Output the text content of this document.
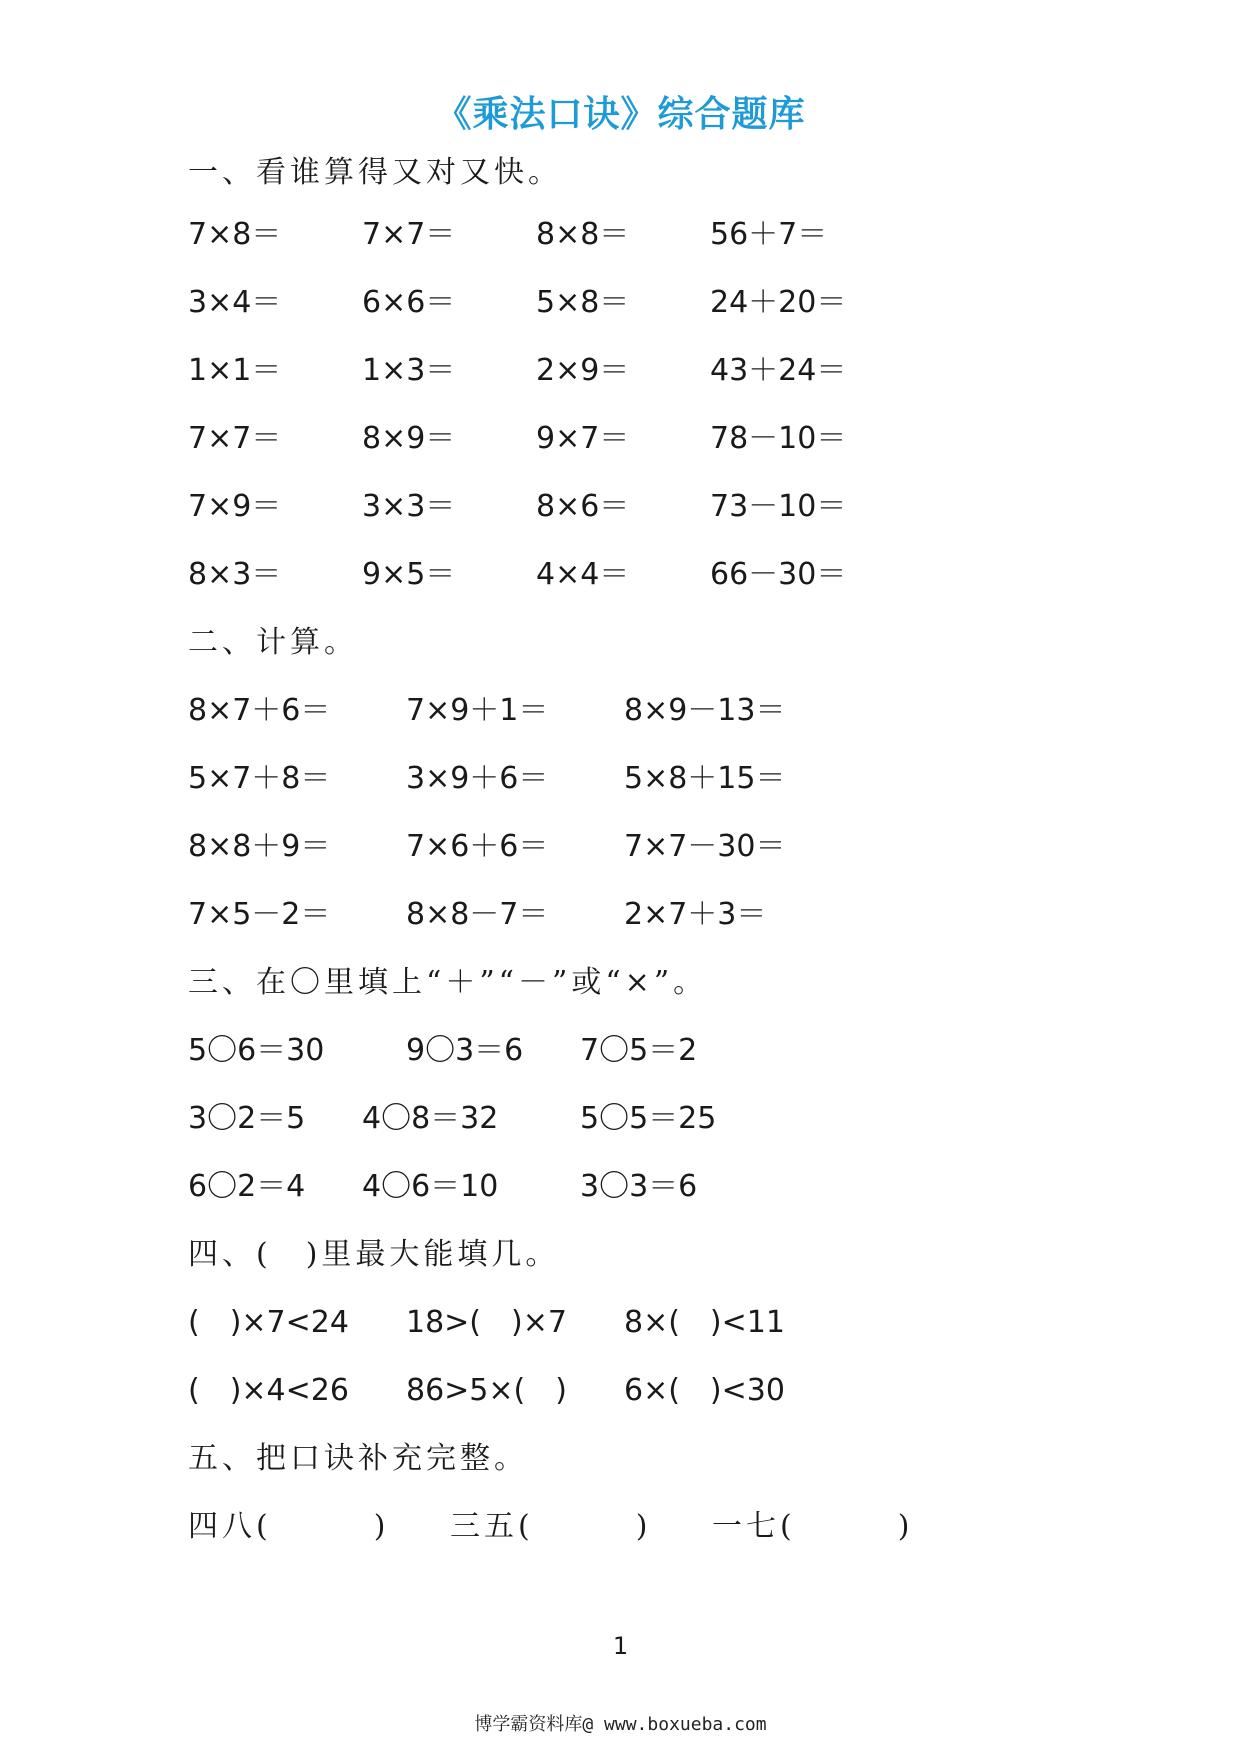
《乘法口诀》综合题库
一、看谁算得又对又快。
7×8＝	7×7＝	8×8＝	56＋7＝
3×4＝	6×6＝	5×8＝	24＋20＝
1×1＝	1×3＝	2×9＝	43＋24＝
7×7＝	8×9＝	9×7＝	78－10＝
7×9＝	3×3＝	8×6＝	73－10＝
8×3＝	9×5＝	4×4＝	66－30＝
二、计算。
8×7＋6＝	7×9＋1＝	8×9－13＝
5×7＋8＝	3×9＋6＝	5×8＋15＝
8×8＋9＝	7×6＋6＝	7×7－30＝
7×5－2＝	8×8－7＝	2×7＋3＝
三、在〇里填上“＋”“－”或“×”。
5〇6＝30	9〇3＝6 7〇5＝2
3〇2＝5 4〇8＝32	5〇5＝25
6〇2＝4 4〇6＝10	3〇3＝6
四、(　)里最大能填几。
(　)×7<24 18>(　)×7 8×(　)<11
(　)×4<26 86>5×(　) 6×(　)<30
五、把口诀补充完整。
四八(　　　) 三五(　　　) 一七(　　　)
1
博学霸资料库@ www.boxueba.com
